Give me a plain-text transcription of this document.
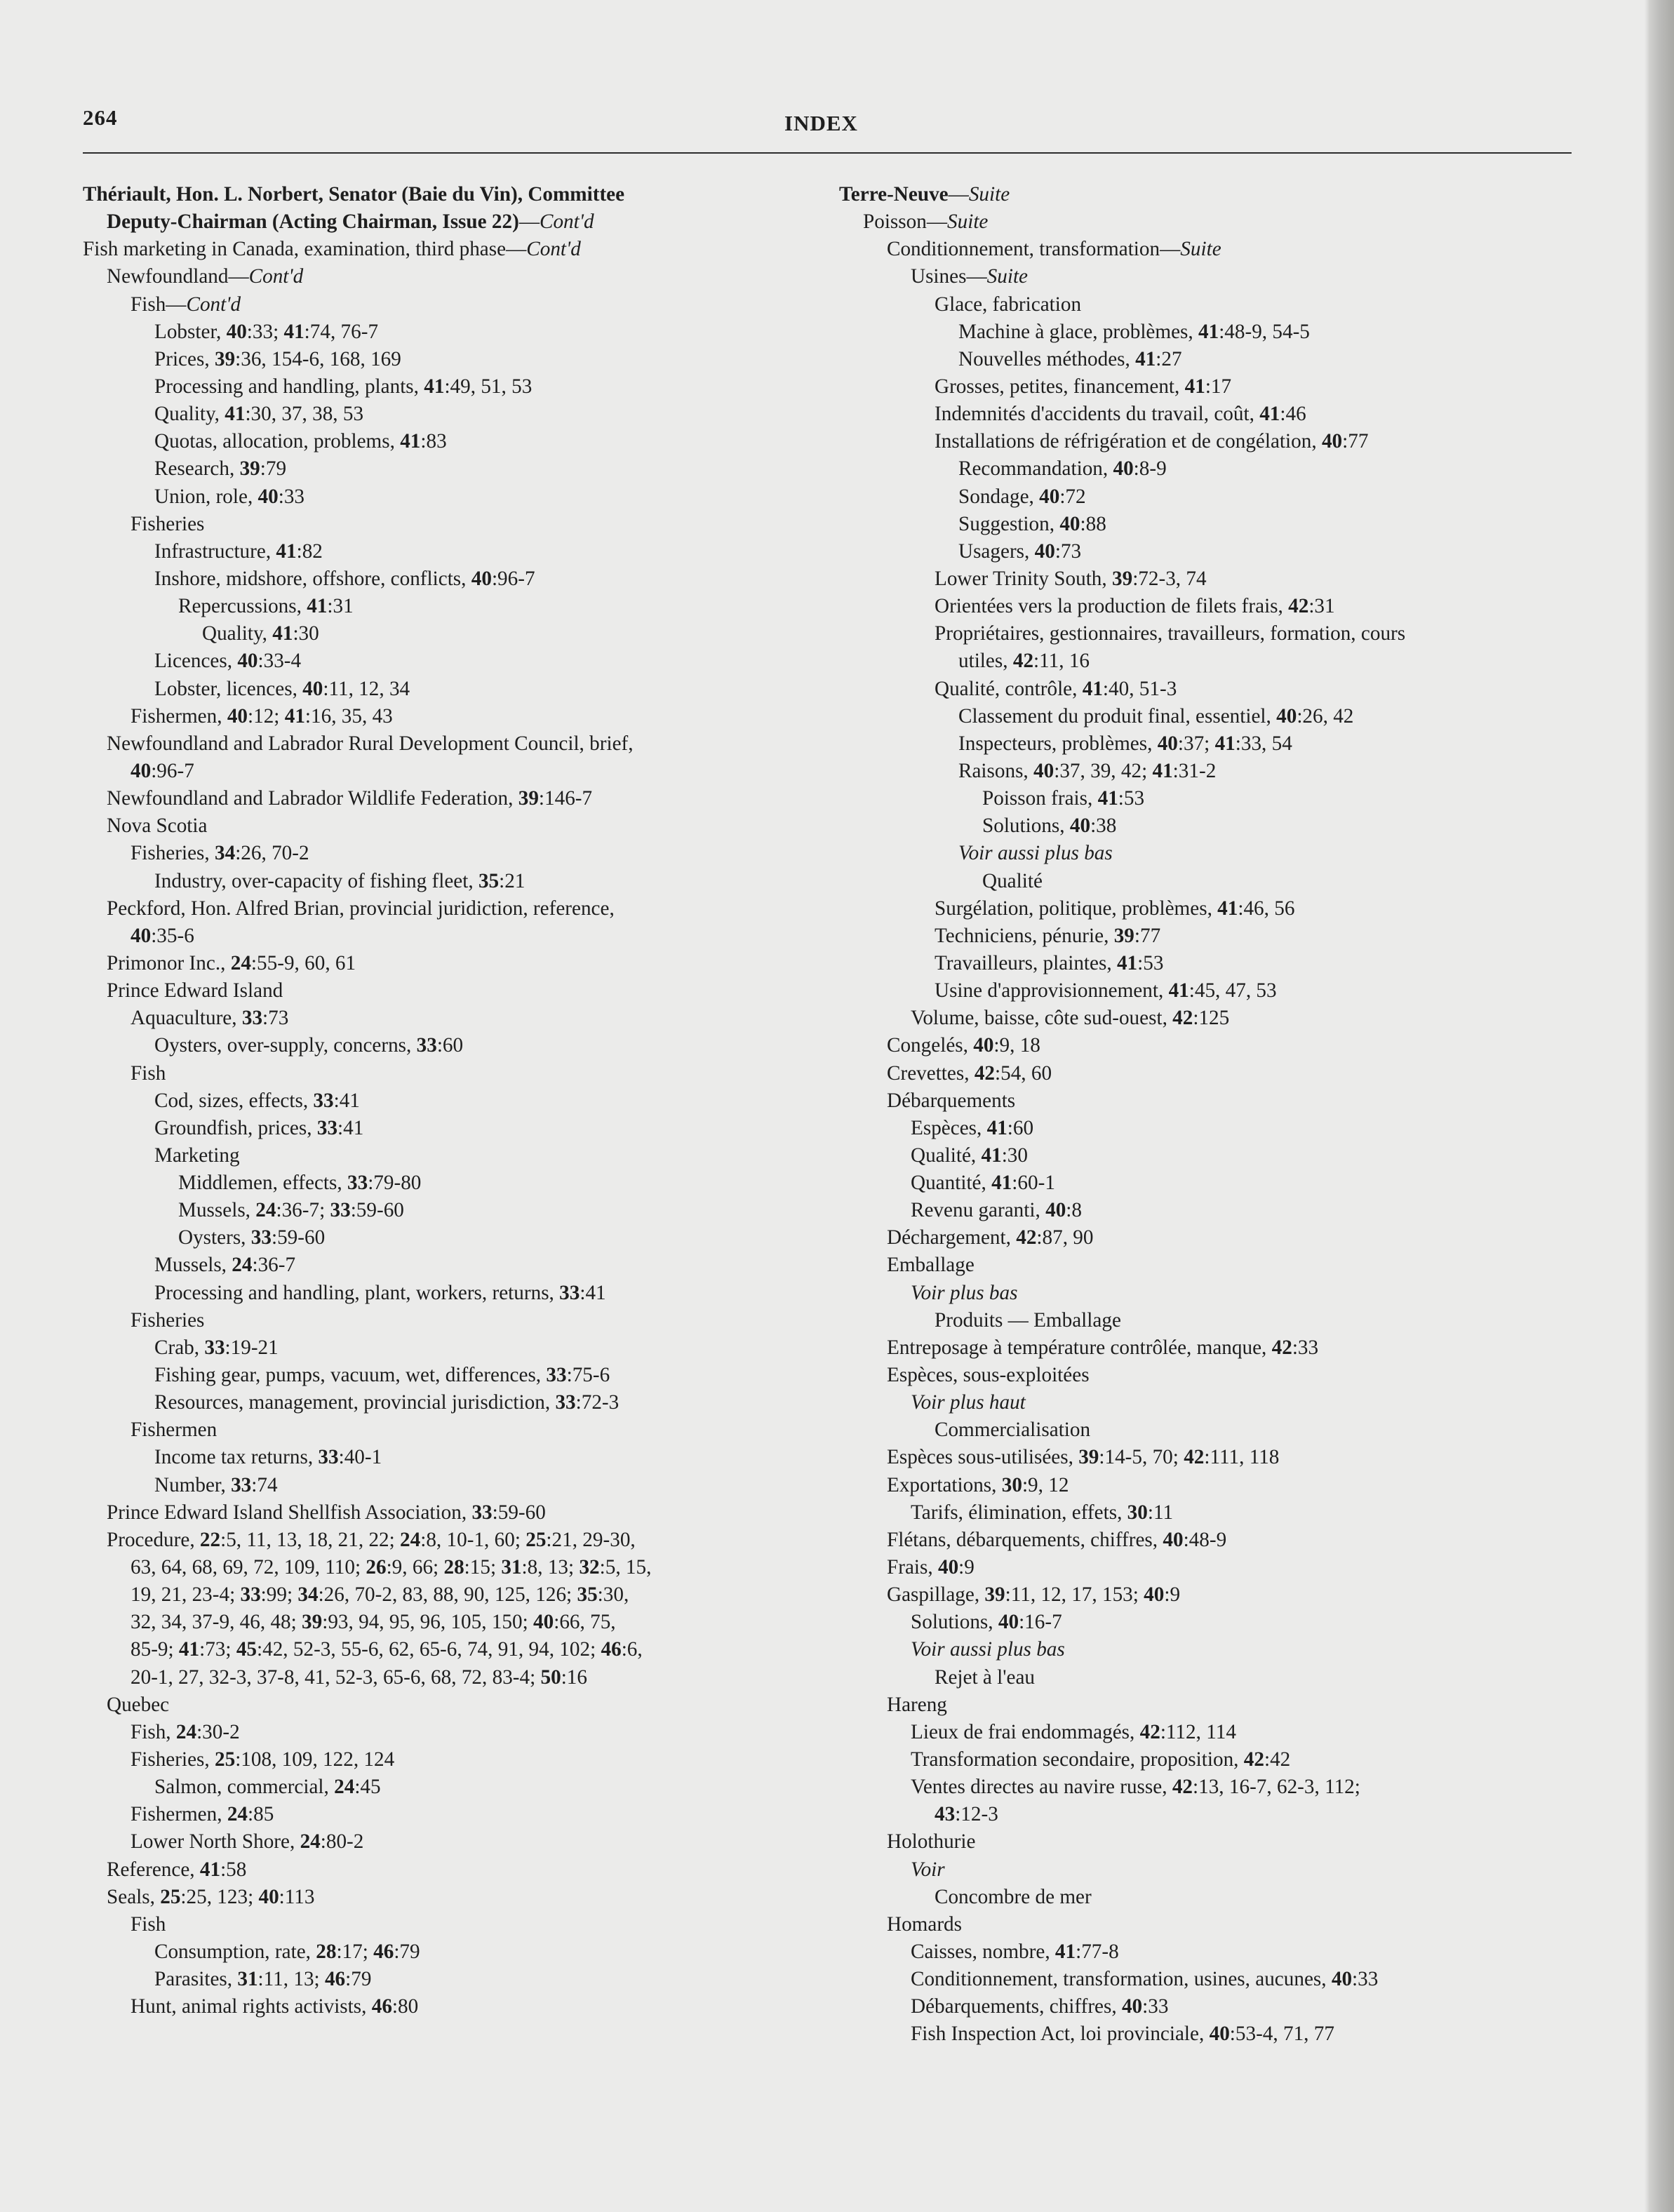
264	INDEX
Thériault, Hon. L. Norbert, Senator (Baie du Vin), Committee
Deputy-Chairman (Acting Chairman, Issue 22)—Cont'd
Fish marketing in Canada, examination, third phase—Cont'd
Newfoundland—Cont'd
Fish—Cont'd
Lobster, 40:33; 41:74, 76-7
Prices, 39:36, 154-6, 168, 169
Processing and handling, plants, 41:49, 51, 53
Quality, 41:30, 37, 38, 53
Quotas, allocation, problems, 41:83
Research, 39:79
Union, role, 40:33
Fisheries
Infrastructure, 41:82
Inshore, midshore, offshore, conflicts, 40:96-7
Repercussions, 41:31
Quality, 41:30
Licences, 40:33-4
Lobster, licences, 40:11, 12, 34
Fishermen, 40:12; 41:16, 35, 43
Newfoundland and Labrador Rural Development Council, brief,
40:96-7
Newfoundland and Labrador Wildlife Federation, 39:146-7
Nova Scotia
Fisheries, 34:26, 70-2
Industry, over-capacity of fishing fleet, 35:21
Peckford, Hon. Alfred Brian, provincial juridiction, reference,
40:35-6
Primonor Inc., 24:55-9, 60, 61
Prince Edward Island
Aquaculture, 33:73
Oysters, over-supply, concerns, 33:60
Fish
Cod, sizes, effects, 33:41
Groundfish, prices, 33:41
Marketing
Middlemen, effects, 33:79-80
Mussels, 24:36-7; 33:59-60
Oysters, 33:59-60
Mussels, 24:36-7
Processing and handling, plant, workers, returns, 33:41
Fisheries
Crab, 33:19-21
Fishing gear, pumps, vacuum, wet, differences, 33:75-6
Resources, management, provincial jurisdiction, 33:72-3
Fishermen
Income tax returns, 33:40-1
Number, 33:74
Prince Edward Island Shellfish Association, 33:59-60
Procedure, 22:5, 11, 13, 18, 21, 22; 24:8, 10-1, 60; 25:21, 29-30,
63, 64, 68, 69, 72, 109, 110; 26:9, 66; 28:15; 31:8, 13; 32:5, 15,
19, 21, 23-4; 33:99; 34:26, 70-2, 83, 88, 90, 125, 126; 35:30,
32, 34, 37-9, 46, 48; 39:93, 94, 95, 96, 105, 150; 40:66, 75,
85-9; 41:73; 45:42, 52-3, 55-6, 62, 65-6, 74, 91, 94, 102; 46:6,
20-1, 27, 32-3, 37-8, 41, 52-3, 65-6, 68, 72, 83-4; 50:16
Quebec
Fish, 24:30-2
Fisheries, 25:108, 109, 122, 124
Salmon, commercial, 24:45
Fishermen, 24:85
Lower North Shore, 24:80-2
Reference, 41:58
Seals, 25:25, 123; 40:113
Fish
Consumption, rate, 28:17; 46:79
Parasites, 31:11, 13; 46:79
Hunt, animal rights activists, 46:80
Terre-Neuve—Suite
Poisson—Suite
Conditionnement, transformation—Suite
Usines—Suite
Glace, fabrication
Machine à glace, problèmes, 41:48-9, 54-5
Nouvelles méthodes, 41:27
Grosses, petites, financement, 41:17
Indemnités d'accidents du travail, coût, 41:46
Installations de réfrigération et de congélation, 40:77
Recommandation, 40:8-9
Sondage, 40:72
Suggestion, 40:88
Usagers, 40:73
Lower Trinity South, 39:72-3, 74
Orientées vers la production de filets frais, 42:31
Propriétaires, gestionnaires, travailleurs, formation, cours
utiles, 42:11, 16
Qualité, contrôle, 41:40, 51-3
Classement du produit final, essentiel, 40:26, 42
Inspecteurs, problèmes, 40:37; 41:33, 54
Raisons, 40:37, 39, 42; 41:31-2
Poisson frais, 41:53
Solutions, 40:38
Voir aussi plus bas
Qualité
Surgélation, politique, problèmes, 41:46, 56
Techniciens, pénurie, 39:77
Travailleurs, plaintes, 41:53
Usine d'approvisionnement, 41:45, 47, 53
Volume, baisse, côte sud-ouest, 42:125
Congelés, 40:9, 18
Crevettes, 42:54, 60
Débarquements
Espèces, 41:60
Qualité, 41:30
Quantité, 41:60-1
Revenu garanti, 40:8
Déchargement, 42:87, 90
Emballage
Voir plus bas
Produits — Emballage
Entreposage à température contrôlée, manque, 42:33
Espèces, sous-exploitées
Voir plus haut
Commercialisation
Espèces sous-utilisées, 39:14-5, 70; 42:111, 118
Exportations, 30:9, 12
Tarifs, élimination, effets, 30:11
Flétans, débarquements, chiffres, 40:48-9
Frais, 40:9
Gaspillage, 39:11, 12, 17, 153; 40:9
Solutions, 40:16-7
Voir aussi plus bas
Rejet à l'eau
Hareng
Lieux de frai endommagés, 42:112, 114
Transformation secondaire, proposition, 42:42
Ventes directes au navire russe, 42:13, 16-7, 62-3, 112;
43:12-3
Holothurie
Voir
Concombre de mer
Homards
Caisses, nombre, 41:77-8
Conditionnement, transformation, usines, aucunes, 40:33
Débarquements, chiffres, 40:33
Fish Inspection Act, loi provinciale, 40:53-4, 71, 77
